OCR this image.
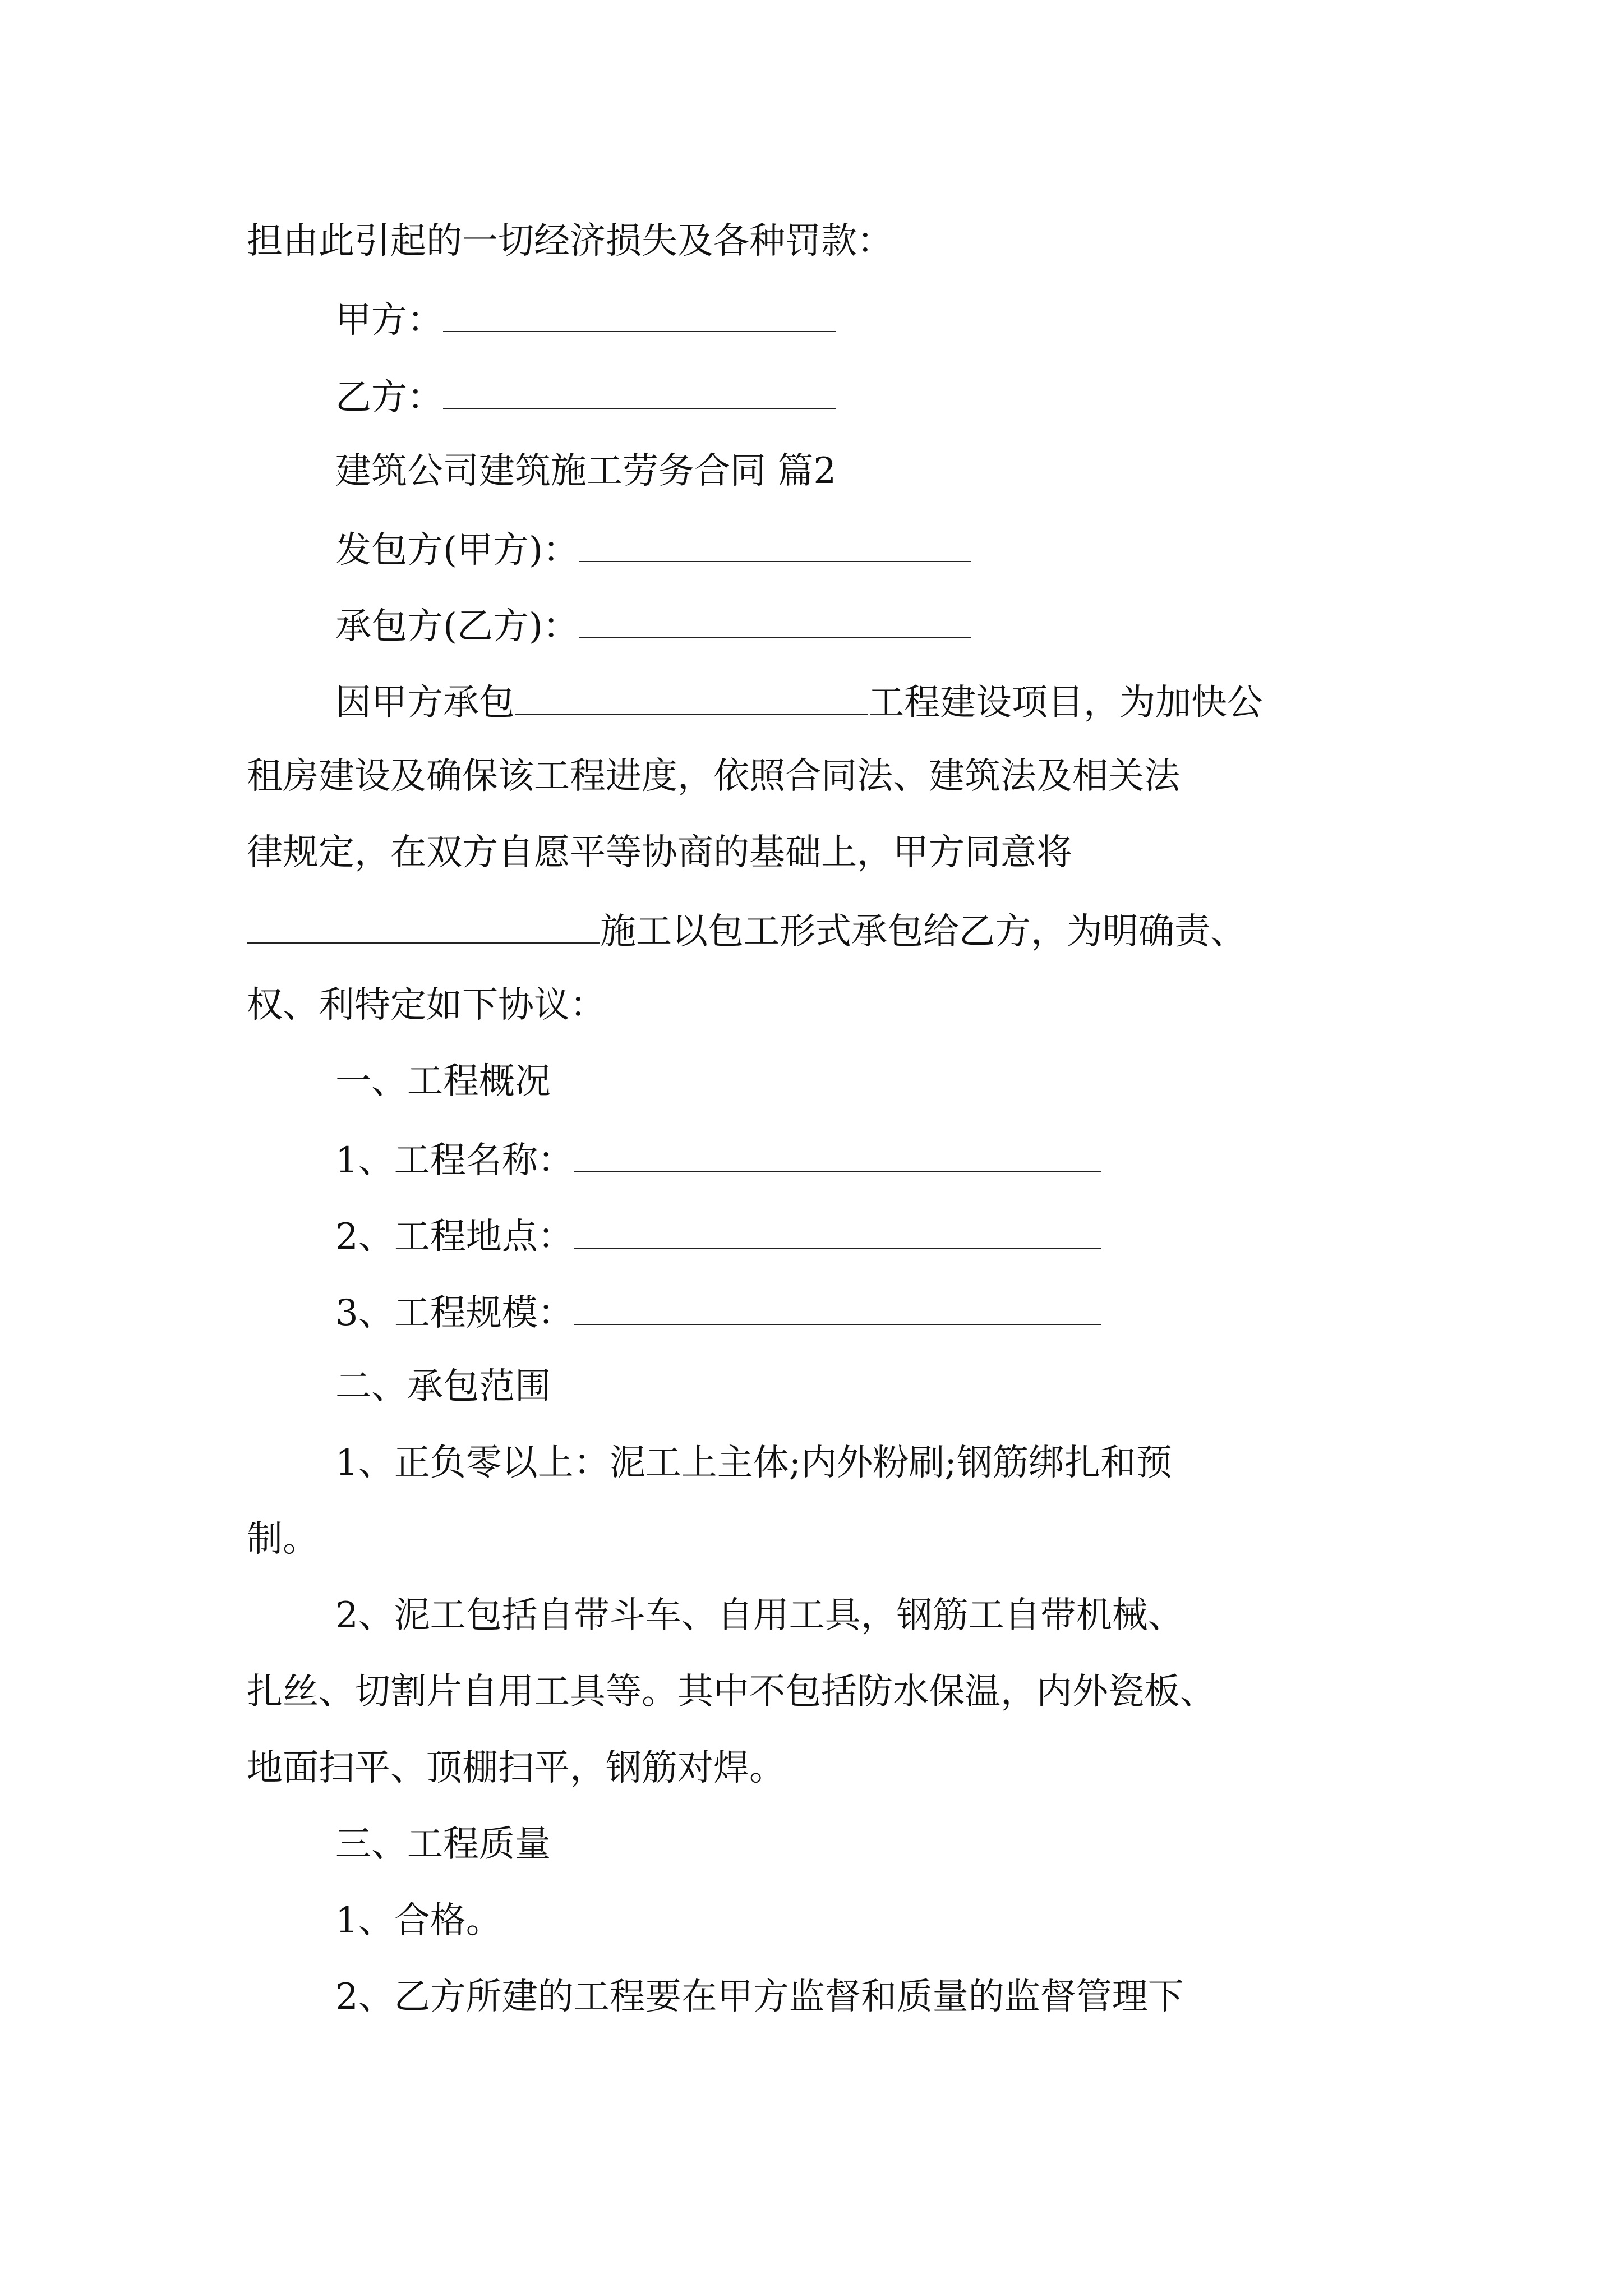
担由此引起的一切经济损失及各种罚款：
甲方：
乙方：
建筑公司建筑施工劳务合同 篇2
发包方(甲方)：
承包方(乙方)：
因甲方承包	工程建设项目，为加快公
租房建设及确保该工程进度，依照合同法、建筑法及相关法
律规定，在双方自愿平等协商的基础上，甲方同意将
施工以包工形式承包给乙方，为明确责、
权、利特定如下协议：
一、工程概况
1、工程名称：
2、工程地点：
3、工程规模：
二、承包范围
1、正负零以上：泥工上主体;内外粉刷;钢筋绑扎和预
制。
2、泥工包括自带斗车、自用工具，钢筋工自带机械、
扎丝、切割片自用工具等。其中不包括防水保温，内外瓷板、
地面扫平、顶棚扫平，钢筋对焊。
三、工程质量
1、合格。
2、乙方所建的工程要在甲方监督和质量的监督管理下
